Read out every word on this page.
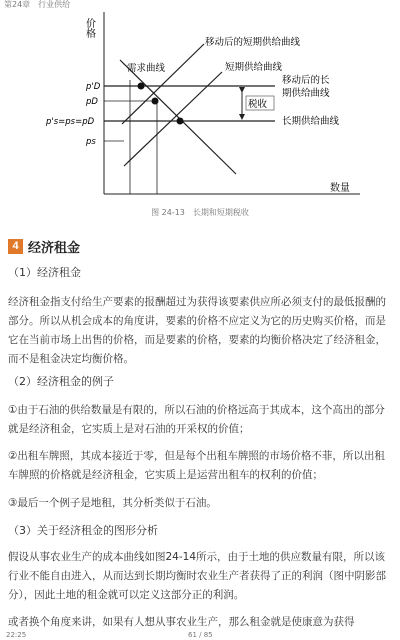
第24章　行业供给
价格
数量
移动后的短期供给曲线
需求曲线	短期供给曲线
移动后的长
期供给曲线
税收
长期供给曲线
p'D
pD
p's=ps=pD
ps
图 24-13　长期和短期税收
4 经济租金
（1）经济租金
经济租金指支付给生产要素的报酬超过为获得该要素供应所必须支付的最低报酬的部分。所以从机会成本的角度讲，要素的价格不应定义为它的历史购买价格，而是它在当前市场上出售的价格，而是要素的价格，要素的均衡价格决定了经济租金，而不是租金决定均衡价格。
（2）经济租金的例子
①由于石油的供给数量是有限的，所以石油的价格远高于其成本，这个高出的部分就是经济租金，它实质上是对石油的开采权的价值；
②出租车牌照，其成本接近于零，但是每个出租车牌照的市场价格不菲，所以出租车牌照的价格就是经济租金，它实质上是运营出租车的权利的价值；
③最后一个例子是地租，其分析类似于石油。
（3）关于经济租金的图形分析
假设从事农业生产的成本曲线如图24-14所示，由于土地的供应数量有限，所以该行业不能自由进入，从而达到长期均衡时农业生产者获得了正的利润（图中阴影部分），因此土地的租金就可以定义这部分正的利润。
或者换个角度来讲，如果有人想从事农业生产，那么租金就是使康意为获得
22:25	61 / 85
